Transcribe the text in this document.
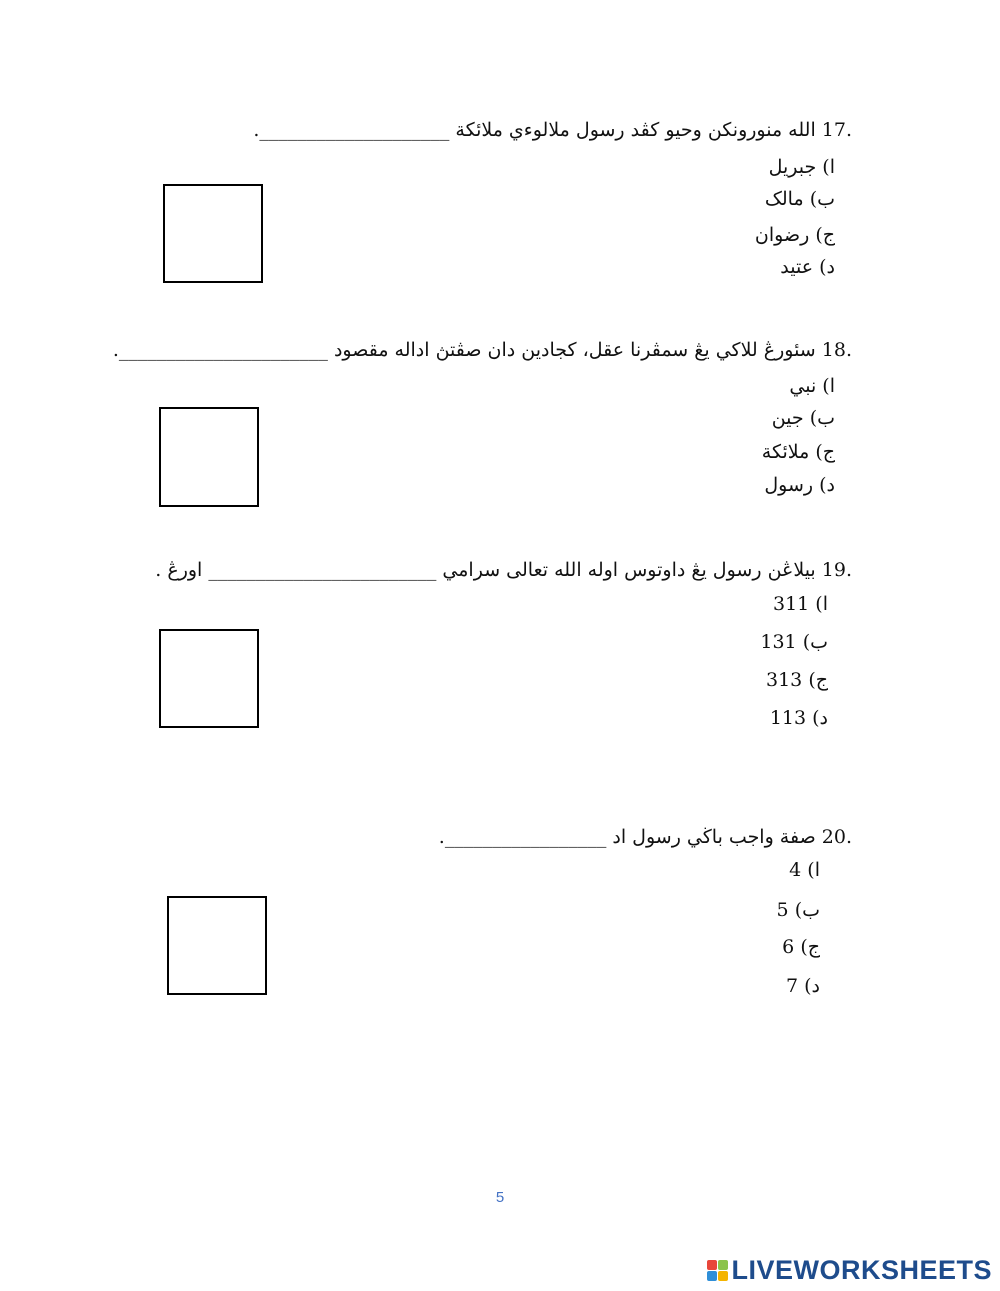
17. الله منورونكن وحيو كڤد رسول ملالوءي ملائكة ____________________.
ا) جبريل
ب) مالک
ج) رضوان
د) عتيد
18. سئورڠ للاكي يڠ سمڤرنا عقل، كجادين دان صڤتڽ اداله مقصود ______________________.
ا) نبي
ب) جين
ج) ملائكة
د) رسول
19. بيلاڠن رسول يڠ داوتوس اوله الله تعالى سرامي ________________________ اورڠ .
ا) 311
ب) 131
ج) 313
د) 113
20. صفة واجب باڬي رسول اد _________________.
ا) 4
ب) 5
ج) 6
د) 7
5
LIVEWORKSHEETS
